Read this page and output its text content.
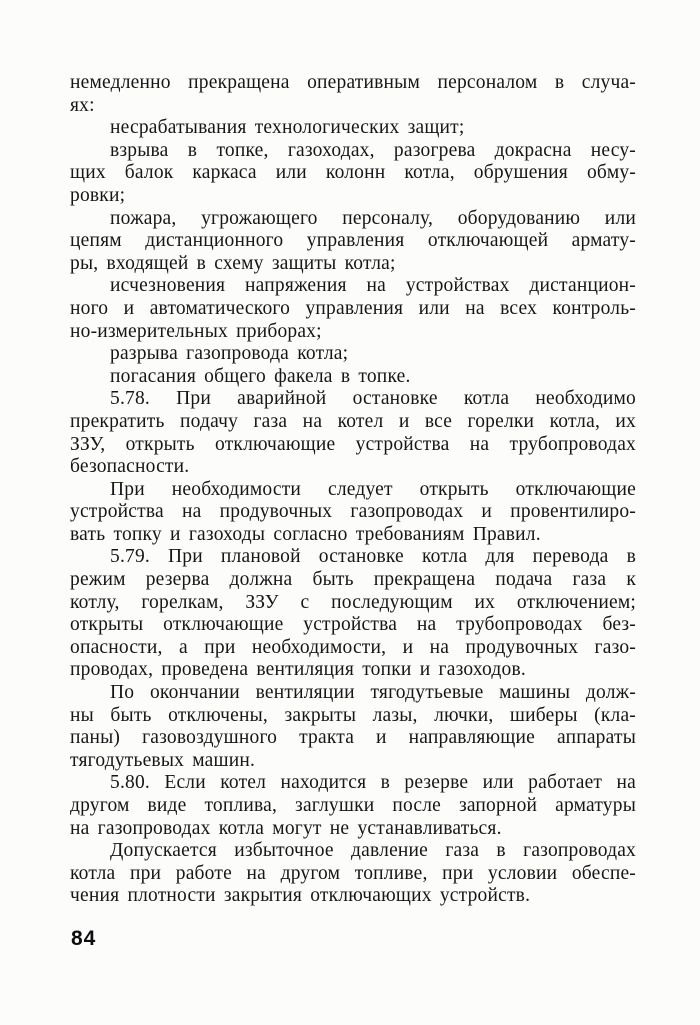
немедленно прекращена оперативным персоналом в случа-
ях:
несрабатывания технологических защит;
взрыва в топке, газоходах, разогрева докрасна несу-
щих балок каркаса или колонн котла, обрушения обму-
ровки;
пожара, угрожающего персоналу, оборудованию или
цепям дистанционного управления отключающей армату-
ры, входящей в схему защиты котла;
исчезновения напряжения на устройствах дистанцион-
ного и автоматического управления или на всех контроль-
но-измерительных приборах;
разрыва газопровода котла;
погасания общего факела в топке.
5.78. При аварийной остановке котла необходимо
прекратить подачу газа на котел и все горелки котла, их
ЗЗУ, открыть отключающие устройства на трубопроводах
безопасности.
При необходимости следует открыть отключающие
устройства на продувочных газопроводах и провентилиро-
вать топку и газоходы согласно требованиям Правил.
5.79. При плановой остановке котла для перевода в
режим резерва должна быть прекращена подача газа к
котлу, горелкам, ЗЗУ с последующим их отключением;
открыты отключающие устройства на трубопроводах без-
опасности, а при необходимости, и на продувочных газо-
проводах, проведена вентиляция топки и газоходов.
По окончании вентиляции тягодутьевые машины долж-
ны быть отключены, закрыты лазы, лючки, шиберы (кла-
паны) газовоздушного тракта и направляющие аппараты
тягодутьевых машин.
5.80. Если котел находится в резерве или работает на
другом виде топлива, заглушки после запорной арматуры
на газопроводах котла могут не устанавливаться.
Допускается избыточное давление газа в газопроводах
котла при работе на другом топливе, при условии обеспе-
чения плотности закрытия отключающих устройств.
84
